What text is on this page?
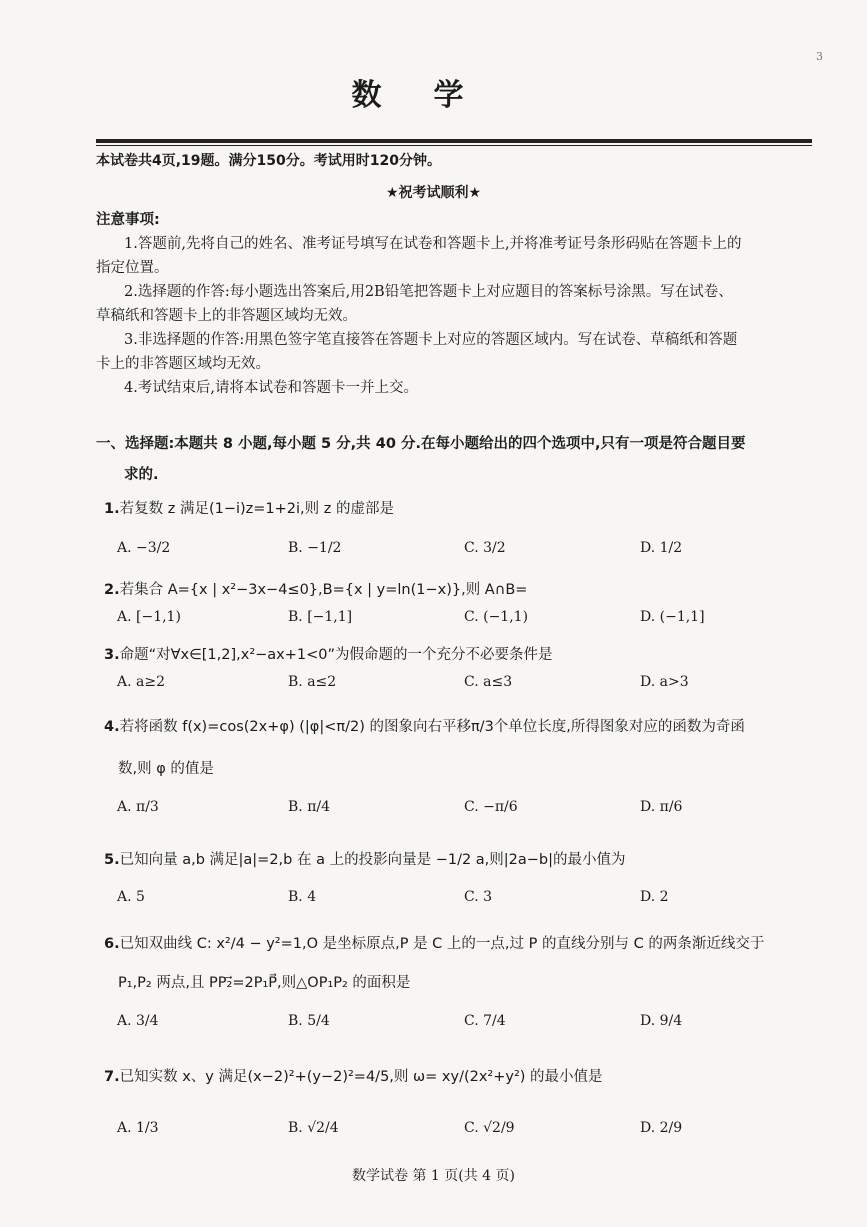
3
数学
本试卷共4页,19题。满分150分。考试用时120分钟。
★祝考试顺利★
注意事项:
1.答题前,先将自己的姓名、准考证号填写在试卷和答题卡上,并将准考证号条形码贴在答题卡上的
指定位置。
2.选择题的作答:每小题选出答案后,用2B铅笔把答题卡上对应题目的答案标号涂黑。写在试卷、
草稿纸和答题卡上的非答题区域均无效。
3.非选择题的作答:用黑色签字笔直接答在答题卡上对应的答题区域内。写在试卷、草稿纸和答题
卡上的非答题区域均无效。
4.考试结束后,请将本试卷和答题卡一并上交。
一、选择题:本题共 8 小题,每小题 5 分,共 40 分.在每小题给出的四个选项中,只有一项是符合题目要
求的.
1.若复数 z 满足(1−i)z=1+2i,则 z 的虚部是
A. −3/2	B. −1/2	C. 3/2	D. 1/2
2.若集合 A={x | x²−3x−4≤0},B={x | y=ln(1−x)},则 A∩B=
A. [−1,1)	B. [−1,1]	C. (−1,1)	D. (−1,1]
3.命题“对∀x∈[1,2],x²−ax+1<0”为假命题的一个充分不必要条件是
A. a≥2	B. a≤2	C. a≤3	D. a>3
4.若将函数 f(x)=cos(2x+φ) (|φ|<π/2) 的图象向右平移π/3个单位长度,所得图象对应的函数为奇函
数,则 φ 的值是
A. π/3	B. π/4	C. −π/6	D. π/6
5.已知向量 a,b 满足|a|=2,b 在 a 上的投影向量是 −1/2 a,则|2a−b|的最小值为
A. 5	B. 4	C. 3	D. 2
6.已知双曲线 C: x²/4 − y²=1,O 是坐标原点,P 是 C 上的一点,过 P 的直线分别与 C 的两条渐近线交于
P₁,P₂ 两点,且 PP₂⃗=2P₁P⃗,则△OP₁P₂ 的面积是
A. 3/4	B. 5/4	C. 7/4	D. 9/4
7.已知实数 x、y 满足(x−2)²+(y−2)²=4/5,则 ω= xy/(2x²+y²) 的最小值是
A. 1/3	B. √2/4	C. √2/9	D. 2/9
数学试卷 第 1 页(共 4 页)
